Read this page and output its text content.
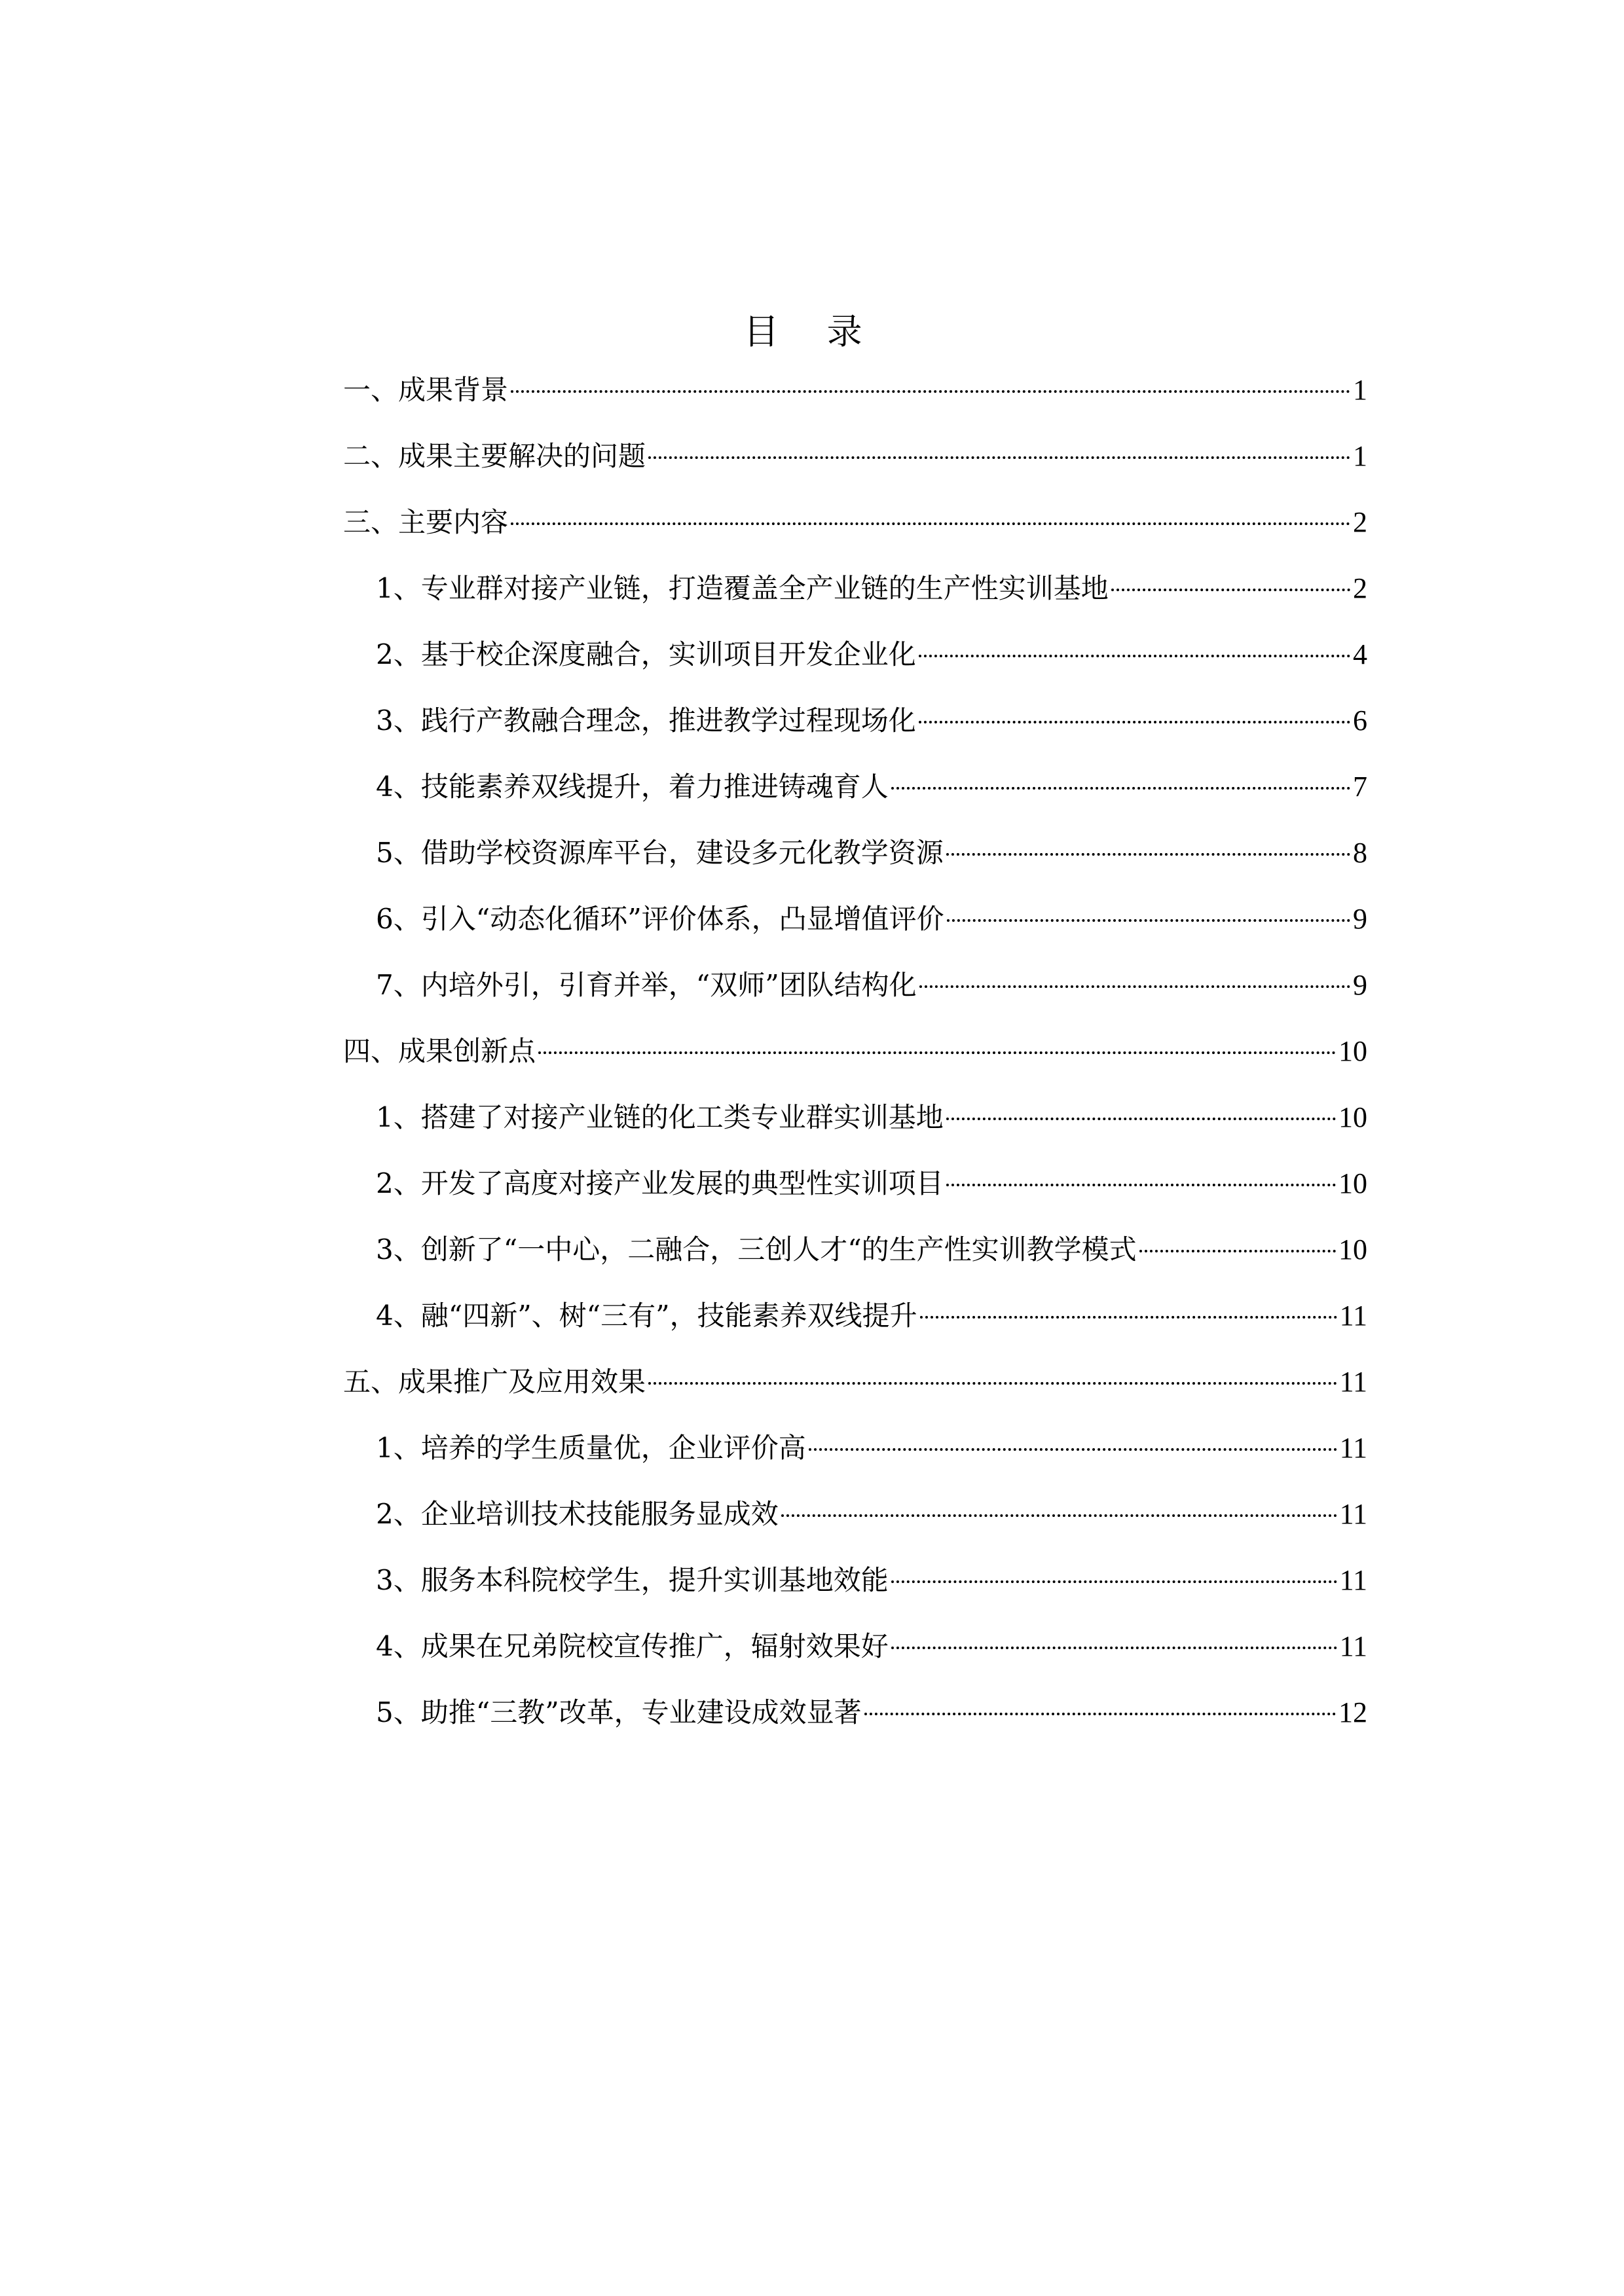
目 录
一、成果背景	1
二、成果主要解决的问题	1
三、主要内容	2
1、专业群对接产业链，打造覆盖全产业链的生产性实训基地	2
2、基于校企深度融合，实训项目开发企业化	4
3、践行产教融合理念，推进教学过程现场化	6
4、技能素养双线提升，着力推进铸魂育人	7
5、借助学校资源库平台，建设多元化教学资源	8
6、引入“动态化循环”评价体系，凸显增值评价	9
7、内培外引，引育并举，“双师”团队结构化	9
四、成果创新点	10
1、搭建了对接产业链的化工类专业群实训基地	10
2、开发了高度对接产业发展的典型性实训项目	10
3、创新了“一中心，二融合，三创人才“的生产性实训教学模式	10
4、融“四新”、树“三有”，技能素养双线提升	11
五、成果推广及应用效果	11
1、培养的学生质量优，企业评价高	11
2、企业培训技术技能服务显成效	11
3、服务本科院校学生，提升实训基地效能	11
4、成果在兄弟院校宣传推广，辐射效果好	11
5、助推“三教”改革，专业建设成效显著	12
